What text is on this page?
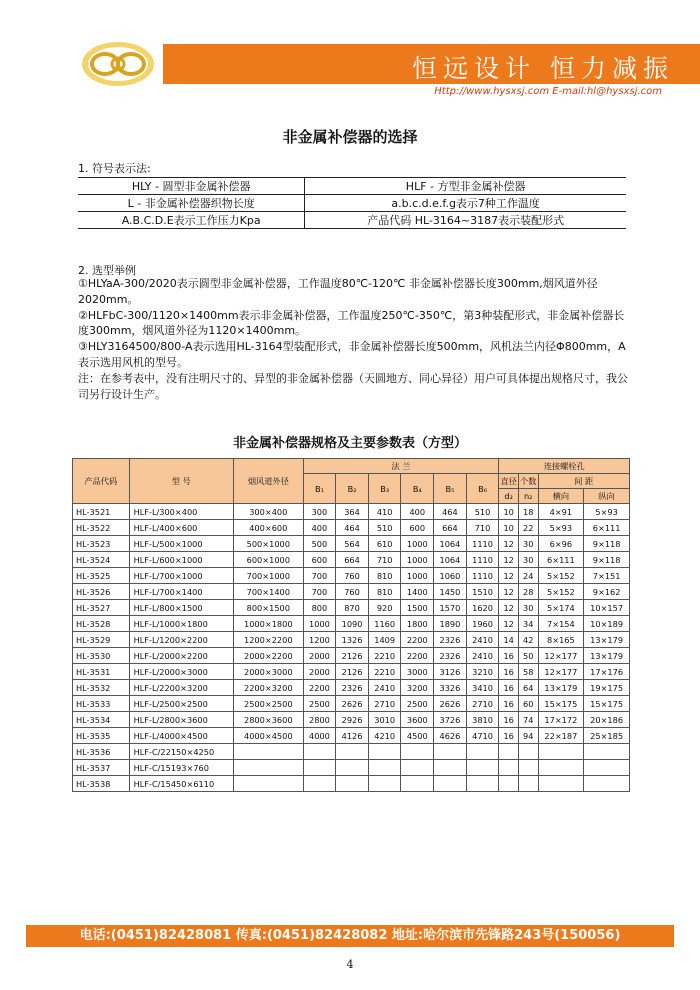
恒远设计 恒力减振
Http://www.hysxsj.com E-mail:hl@hysxsj.com
非金属补偿器的选择
1. 符号表示法:
HLY - 圆型非金属补偿器	HLF - 方型非金属补偿器
L - 非金属补偿器织物长度	a.b.c.d.e.f.g表示7种工作温度
A.B.C.D.E表示工作压力Kpa	产品代码 HL-3164~3187表示装配形式
2. 选型举例

①HLYaA-300/2020表示圆型非金属补偿器，工作温度80℃-120℃ 非金属补偿器长度300mm,烟风道外径2020mm。

②HLFbC-300/1120×1400mm表示非金属补偿器，工作温度250℃-350℃，第3种装配形式，非金属补偿器长度300mm，烟风道外径为1120×1400mm。

③HLY3164500/800-A表示选用HL-3164型装配形式，非金属补偿器长度500mm，风机法兰内径Φ800mm，A表示选用风机的型号。

注：在参考表中，没有注明尺寸的、异型的非金属补偿器（天圆地方、同心异径）用户可具体提出规格尺寸，我公司另行设计生产。

非金属补偿器规格及主要参数表（方型）
产品代码	型 号	烟风道外径	法 兰						连接螺栓孔			
			B₁	B₂	B₃	B₄	B₅	B₆	直径	个数	间 距	
									d₂	n₂	横向	纵向
HL-3521	HLF-L/300×400	300×400	300	364	410	400	464	510	10	18	4×91	5×93
HL-3522	HLF-L/400×600	400×600	400	464	510	600	664	710	10	22	5×93	6×111
HL-3523	HLF-L/500×1000	500×1000	500	564	610	1000	1064	1110	12	30	6×96	9×118
HL-3524	HLF-L/600×1000	600×1000	600	664	710	1000	1064	1110	12	30	6×111	9×118
HL-3525	HLF-L/700×1000	700×1000	700	760	810	1000	1060	1110	12	24	5×152	7×151
HL-3526	HLF-L/700×1400	700×1400	700	760	810	1400	1450	1510	12	28	5×152	9×162
HL-3527	HLF-L/800×1500	800×1500	800	870	920	1500	1570	1620	12	30	5×174	10×157
HL-3528	HLF-L/1000×1800	1000×1800	1000	1090	1160	1800	1890	1960	12	34	7×154	10×189
HL-3529	HLF-L/1200×2200	1200×2200	1200	1326	1409	2200	2326	2410	14	42	8×165	13×179
HL-3530	HLF-L/2000×2200	2000×2200	2000	2126	2210	2200	2326	2410	16	50	12×177	13×179
HL-3531	HLF-L/2000×3000	2000×3000	2000	2126	2210	3000	3126	3210	16	58	12×177	17×176
HL-3532	HLF-L/2200×3200	2200×3200	2200	2326	2410	3200	3326	3410	16	64	13×179	19×175
HL-3533	HLF-L/2500×2500	2500×2500	2500	2626	2710	2500	2626	2710	16	60	15×175	15×175
HL-3534	HLF-L/2800×3600	2800×3600	2800	2926	3010	3600	3726	3810	16	74	17×172	20×186
HL-3535	HLF-L/4000×4500	4000×4500	4000	4126	4210	4500	4626	4710	16	94	22×187	25×185
HL-3536	HLF-C/22150×4250											
HL-3537	HLF-C/15193×760											
HL-3538	HLF-C/15450×6110											
电话:(0451)82428081 传真:(0451)82428082 地址:哈尔滨市先锋路243号(150056)
4
